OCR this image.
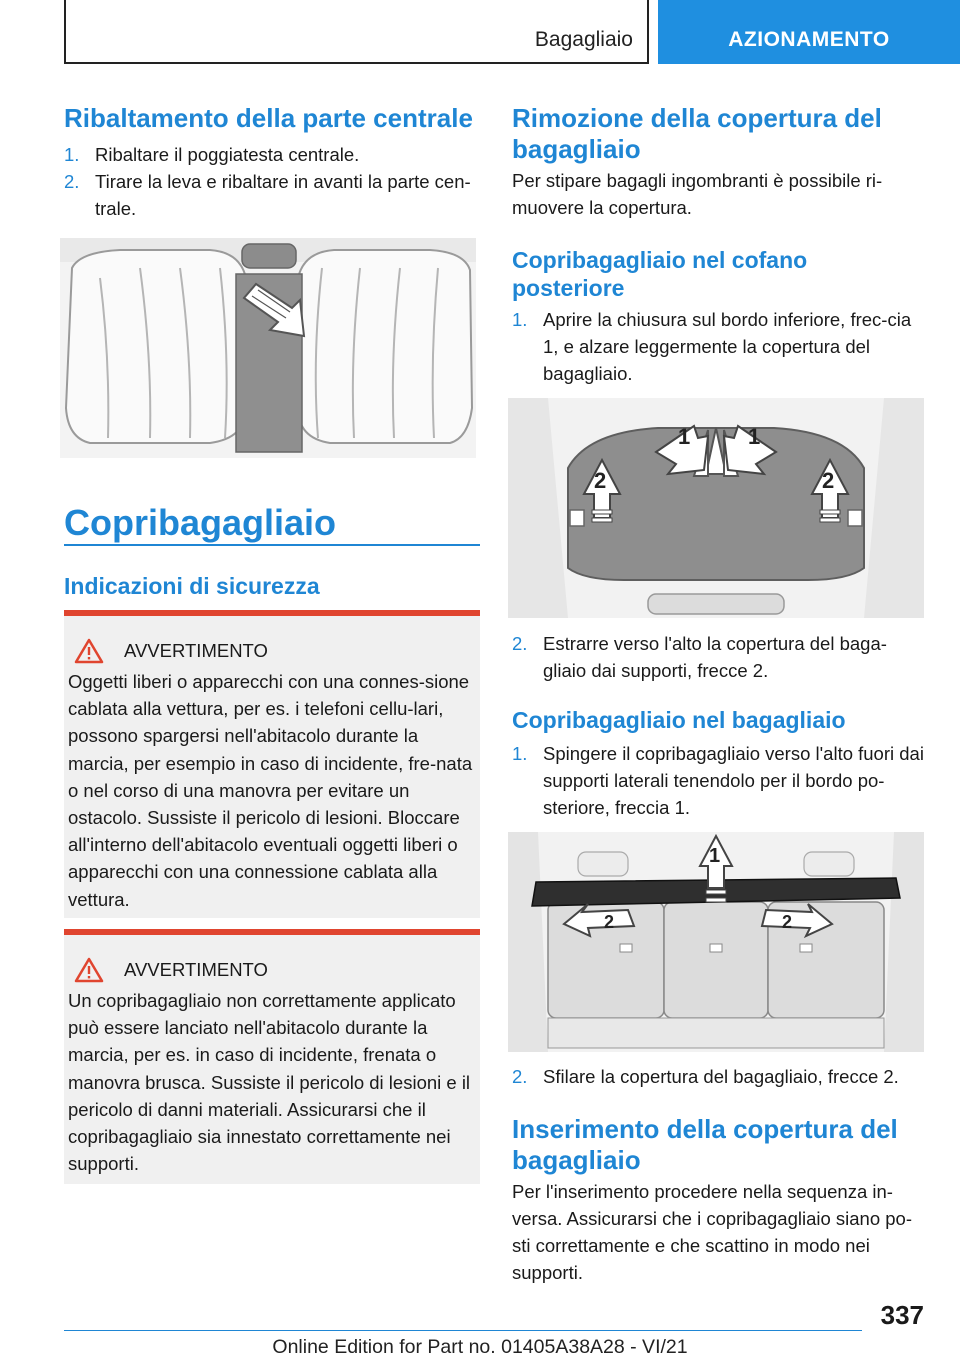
Bagagliaio	AZIONAMENTO
Ribaltamento della parte centrale
1. Ribaltare il poggiatesta centrale.
2. Tirare la leva e ribaltare in avanti la parte cen-trale.
Copribagagliaio
Indicazioni di sicurezza
AVVERTIMENTO
Oggetti liberi o apparecchi con una connes-sione cablata alla vettura, per es. i telefoni cellu-lari, possono spargersi nell'abitacolo durante la marcia, per esempio in caso di incidente, fre-nata o nel corso di una manovra per evitare un ostacolo. Sussiste il pericolo di lesioni. Bloccare all'interno dell'abitacolo eventuali oggetti liberi o apparecchi con una connessione cablata alla vettura.
AVVERTIMENTO
Un copribagagliaio non correttamente applicato può essere lanciato nell'abitacolo durante la marcia, per es. in caso di incidente, frenata o manovra brusca. Sussiste il pericolo di lesioni e il pericolo di danni materiali. Assicurarsi che il copribagagliaio sia innestato correttamente nei supporti.
Rimozione della copertura del bagagliaio

Per stipare bagagli ingombranti è possibile ri-muovere la copertura.

Copribagagliaio nel cofano posteriore
1. Aprire la chiusura sul bordo inferiore, frec-cia 1, e alzare leggermente la copertura del bagagliaio.
1	1
2	2
2. Estrarre verso l'alto la copertura del baga-gliaio dai supporti, frecce 2.
Copribagagliaio nel bagagliaio
1. Spingere il copribagagliaio verso l'alto fuori dai supporti laterali tenendolo per il bordo po-steriore, freccia 1.
1
2	2
2. Sfilare la copertura del bagagliaio, frecce 2.
Inserimento della copertura del bagagliaio

Per l'inserimento procedere nella sequenza in-versa. Assicurarsi che i copribagagliaio siano po-sti correttamente e che scattino in modo nei supporti.

337
Online Edition for Part no. 01405A38A28 - VI/21
